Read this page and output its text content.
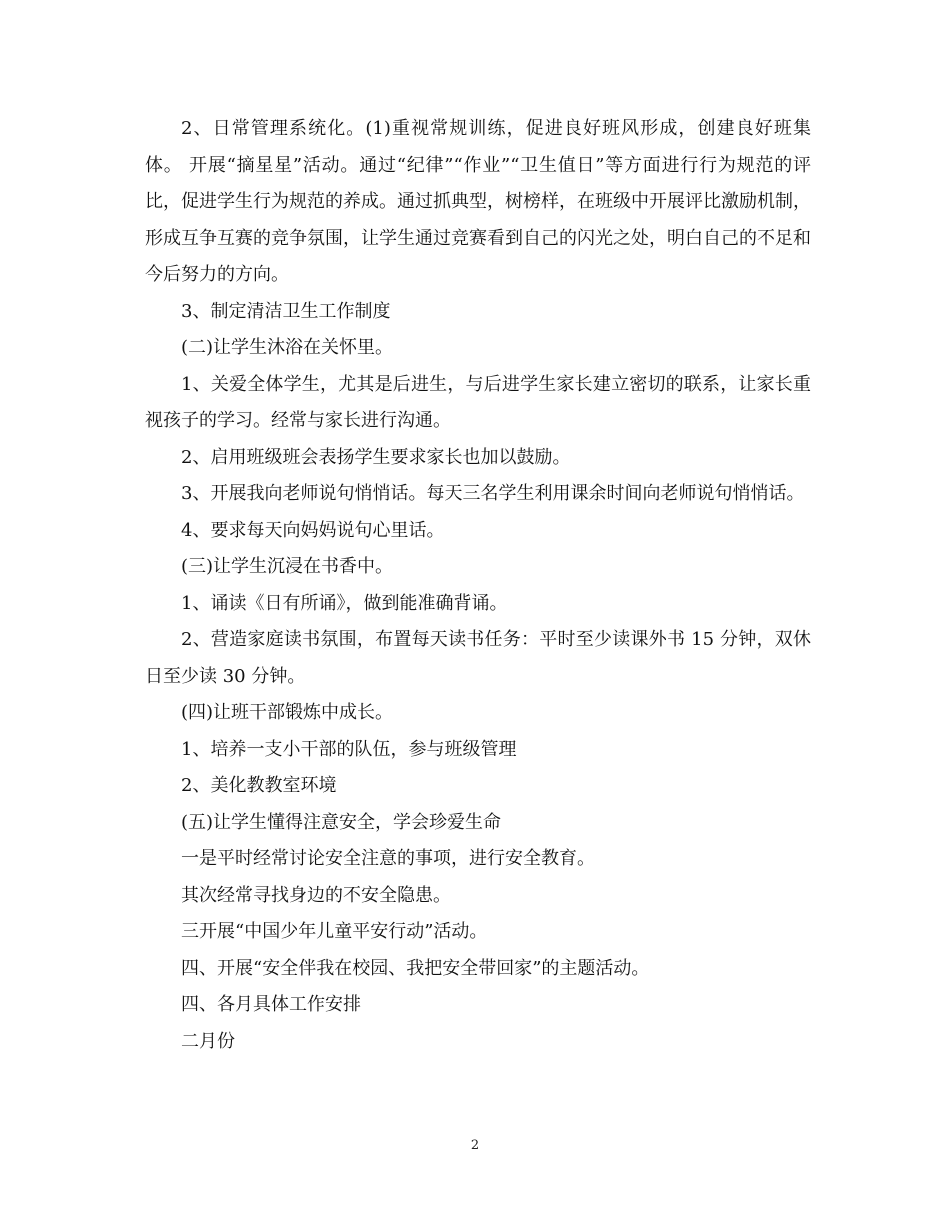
2、日常管理系统化。(1)重视常规训练，促进良好班风形成，创建良好班集体。 开展“摘星星”活动。通过“纪律”“作业”“卫生值日”等方面进行行为规范的评比，促进学生行为规范的养成。通过抓典型，树榜样，在班级中开展评比激励机制，形成互争互赛的竞争氛围，让学生通过竞赛看到自己的闪光之处，明白自己的不足和今后努力的方向。

3、制定清洁卫生工作制度

(二)让学生沐浴在关怀里。

1、关爱全体学生，尤其是后进生，与后进学生家长建立密切的联系，让家长重视孩子的学习。经常与家长进行沟通。

2、启用班级班会表扬学生要求家长也加以鼓励。

3、开展我向老师说句悄悄话。每天三名学生利用课余时间向老师说句悄悄话。

4、要求每天向妈妈说句心里话。

(三)让学生沉浸在书香中。

1、诵读《日有所诵》，做到能准确背诵。

2、营造家庭读书氛围，布置每天读书任务：平时至少读课外书 15 分钟，双休日至少读 30 分钟。

(四)让班干部锻炼中成长。

1、培养一支小干部的队伍，参与班级管理

2、美化教教室环境

(五)让学生懂得注意安全，学会珍爱生命

一是平时经常讨论安全注意的事项，进行安全教育。

其次经常寻找身边的不安全隐患。

三开展“中国少年儿童平安行动”活动。

四、开展“安全伴我在校园、我把安全带回家”的主题活动。

四、各月具体工作安排

二月份

2
